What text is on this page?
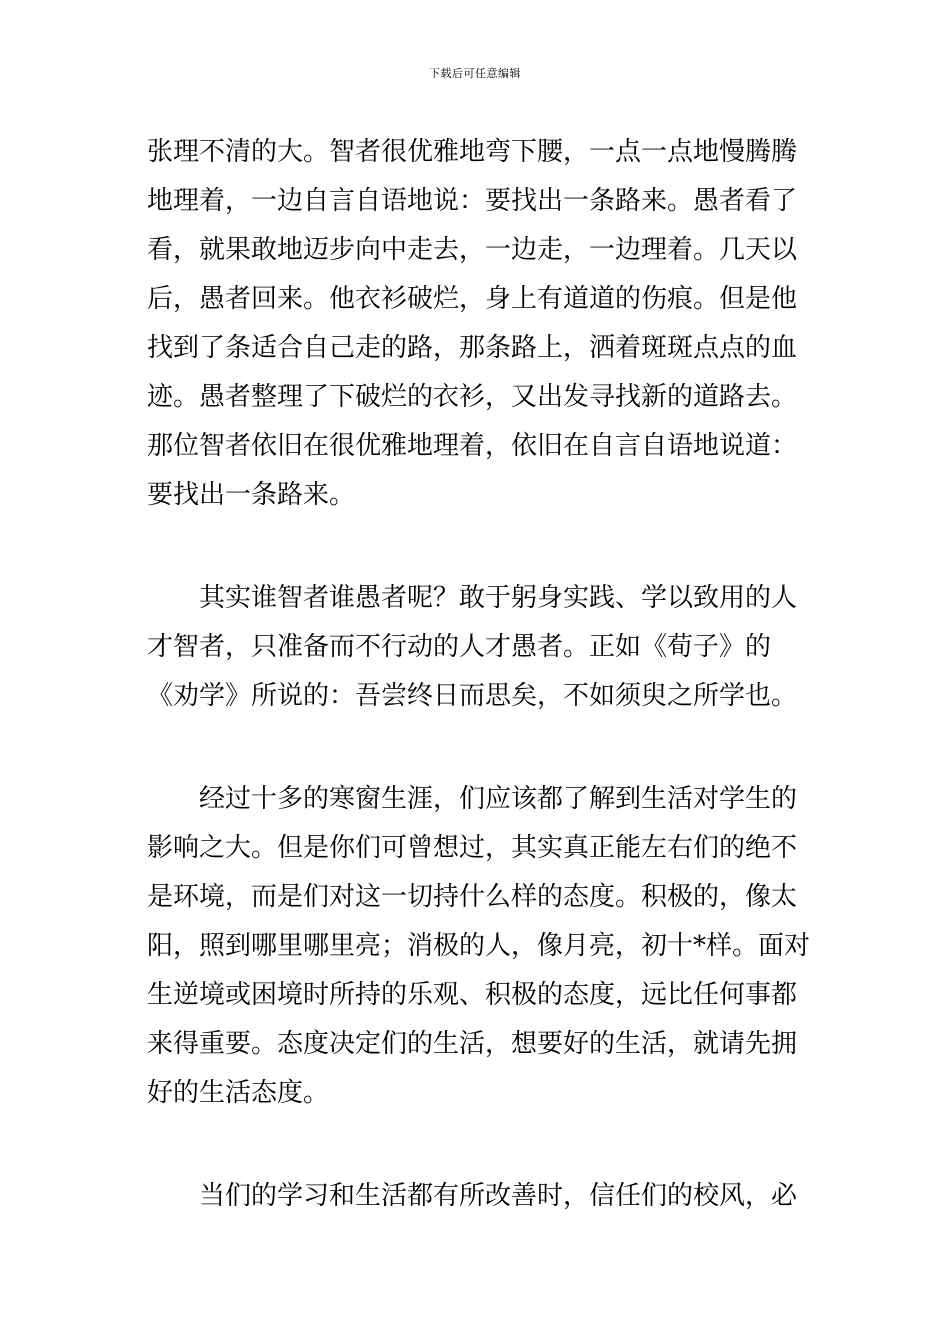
下载后可任意编辑
张理不清的大。智者很优雅地弯下腰，一点一点地慢腾腾
地理着，一边自言自语地说：要找出一条路来。愚者看了
看，就果敢地迈步向中走去，一边走，一边理着。几天以
后，愚者回来。他衣衫破烂，身上有道道的伤痕。但是他
找到了条适合自己走的路，那条路上，洒着斑斑点点的血
迹。愚者整理了下破烂的衣衫，又出发寻找新的道路去。
那位智者依旧在很优雅地理着，依旧在自言自语地说道：
要找出一条路来。
其实谁智者谁愚者呢？敢于躬身实践、学以致用的人
才智者，只准备而不行动的人才愚者。正如《荀子》的
《劝学》所说的：吾尝终日而思矣，不如须臾之所学也。
经过十多的寒窗生涯，们应该都了解到生活对学生的
影响之大。但是你们可曾想过，其实真正能左右们的绝不
是环境，而是们对这一切持什么样的态度。积极的，像太
阳，照到哪里哪里亮；消极的人，像月亮，初十*样。面对
生逆境或困境时所持的乐观、积极的态度，远比任何事都
来得重要。态度决定们的生活，想要好的生活，就请先拥
好的生活态度。
当们的学习和生活都有所改善时，信任们的校风，必
